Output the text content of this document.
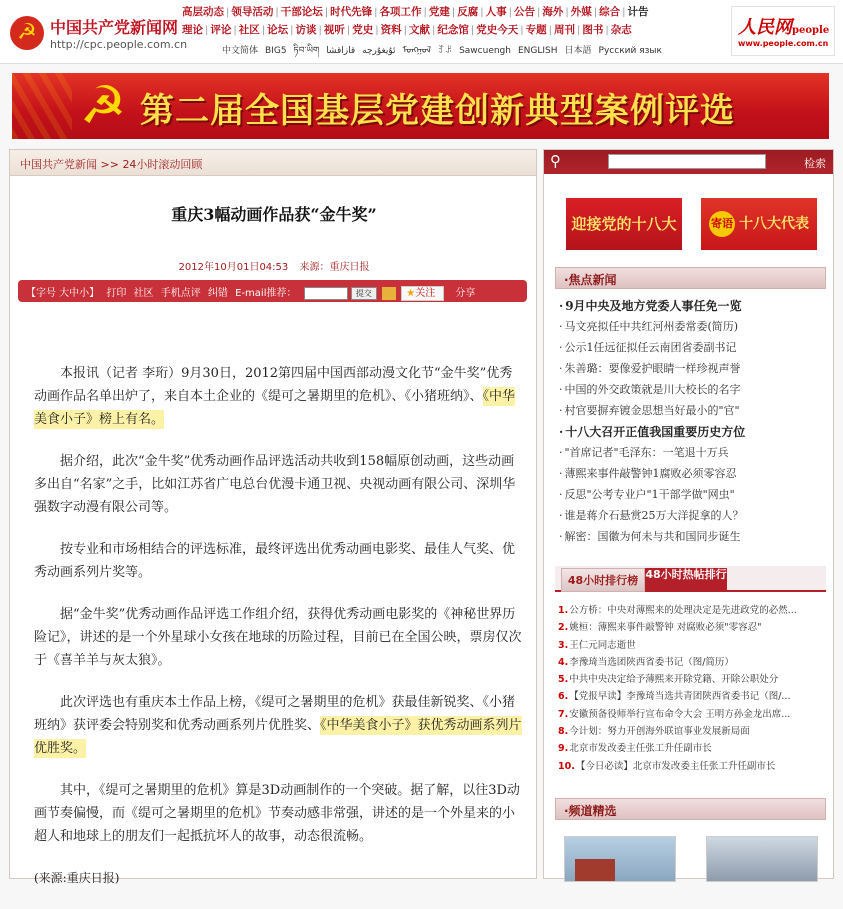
☭ 中国共产党新闻网
http://cpc.people.com.cn
高层动态 | 领导活动 | 干部论坛 | 时代先锋 | 各项工作 | 党建 | 反腐 | 人事 | 公告 | 海外 | 外媒 | 综合 | 计告
理论 | 评论 | 社区 | 论坛 | 访谈 | 视听 | 党史 | 资料 | 文献 | 纪念馆 | 党史今天 | 专题 | 周刊 | 图书 | 杂志
中文简体 BIG5 ཏིབ་ཡིག	ئۇيغۇرچەقازاقشا	ᠮᠣᠩᠭᠣᠯ ꆈꌠ Sawcuengh ENGLISH 日本語 Русский язык
人民网people
www.people.com.cn
☭ 第二届全国基层党建创新典型案例评选
中国共产党新闻 >> 24小时滚动回顾
重庆3幅动画作品获“金牛奖”
2012年10月01日04:53 来源：重庆日报
【字号 大中小】 打印 社区 手机点评 纠错 E-mail推荐：	提交	★关注 分享

本报讯（记者 李珩）9月30日，2012第四届中国西部动漫文化节“金牛奖”优秀动画作品名单出炉了，来自本土企业的《缇可之暑期里的危机》、《小猪班纳》、《中华美食小子》榜上有名。

据介绍，此次“金牛奖”优秀动画作品评选活动共收到158幅原创动画，这些动画多出自“名家”之手，比如江苏省广电总台优漫卡通卫视、央视动画有限公司、深圳华强数字动漫有限公司等。

按专业和市场相结合的评选标准，最终评选出优秀动画电影奖、最佳人气奖、优秀动画系列片奖等。

据“金牛奖”优秀动画作品评选工作组介绍，获得优秀动画电影奖的《神秘世界历险记》，讲述的是一个外星球小女孩在地球的历险过程，目前已在全国公映，票房仅次于《喜羊羊与灰太狼》。

此次评选也有重庆本土作品上榜，《缇可之暑期里的危机》获最佳新锐奖、《小猪班纳》获评委会特别奖和优秀动画系列片优胜奖、《中华美食小子》获优秀动画系列片优胜奖。

其中，《缇可之暑期里的危机》算是3D动画制作的一个突破。据了解，以往3D动画节奏偏慢，而《缇可之暑期里的危机》节奏动感非常强，讲述的是一个外星来的小超人和地球上的朋友们一起抵抗坏人的故事，动态很流畅。

(来源:重庆日报)

⚲	检索
迎接党的十八大	寄语 十八大代表
·焦点新闻
· 9月中央及地方党委人事任免一览
· 马文亮拟任中共红河州委常委(简历)
· 公示1任远征拟任云南团省委副书记
· 朱善璐：要像爱护眼睛一样珍视声誉
· 中国的外交政策就是川大校长的名字
· 村官要摒弃镀金思想当好最小的"官"
· 十八大召开正值我国重要历史方位
· "首席记者"毛泽东：一笔退十万兵
· 薄熙来事件敲警钟1腐败必须零容忍
· 反思"公考专业户"1干部学做"网虫"
· 谁是蒋介石悬赏25万大洋捉拿的人？
· 解密：国徽为何未与共和国同步诞生
48小时排行榜 48小时热帖排行
1.公方桥：中央对薄熙来的处理决定是先进政党的必然...
2.姚桓：薄熙来事件敲警钟 对腐败必须"零容忍"
3.王仁元同志逝世
4.李豫琦当选团陕西省委书记（图/简历）
5.中共中央决定给予薄熙来开除党籍、开除公职处分
6.【党报早读】李豫琦当选共青团陕西省委书记（图/...
7.安徽预备役师举行宣布命令大会 王明方孙金龙出席...
8.今计划：努力开创海外联谊事业发展新局面
9.北京市发改委主任张工升任副市长
10.【今日必读】北京市发改委主任张工升任副市长
·频道精选
